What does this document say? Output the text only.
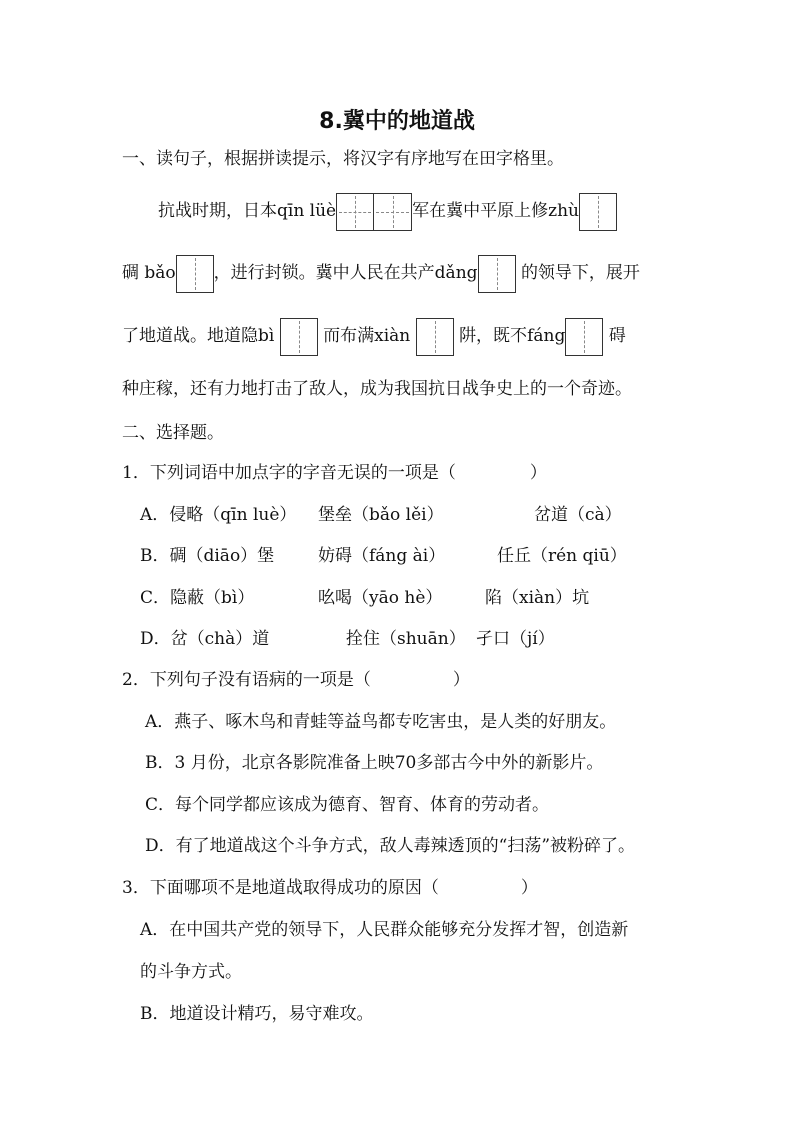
8.冀中的地道战
一、读句子，根据拼读提示，将汉字有序地写在田字格里。
抗战时期，日本qīn lüè	军在冀中平原上修zhù
碉 bǎo ，进行封锁。冀中人民在共产dǎng	的领导下，展开
了地道战。地道隐bì	而布满xiàn	阱，既不fáng	碍
种庄稼，还有力地打击了敌人，成为我国抗日战争史上的一个奇迹。
二、选择题。
1．下列词语中加点字的字音无误的一项是（	）
A．侵略（qīn luè） 堡垒（bǎo lěi）	岔道（cà）
B．碉（diāo）堡	妨碍（fáng ài）	任丘（rén qiū）
C．隐蔽（bì）	吆喝（yāo hè）	陷（xiàn）坑
D．岔（chà）道	拴住（shuān） 孑口（jí）
2．下列句子没有语病的一项是（	）
A．燕子、啄木鸟和青蛙等益鸟都专吃害虫，是人类的好朋友。
B．3 月份，北京各影院准备上映70多部古今中外的新影片。
C．每个同学都应该成为德育、智育、体育的劳动者。
D．有了地道战这个斗争方式，敌人毒辣透顶的“扫荡”被粉碎了。
3．下面哪项不是地道战取得成功的原因（	）
A．在中国共产党的领导下，人民群众能够充分发挥才智，创造新
的斗争方式。
B．地道设计精巧，易守难攻。
